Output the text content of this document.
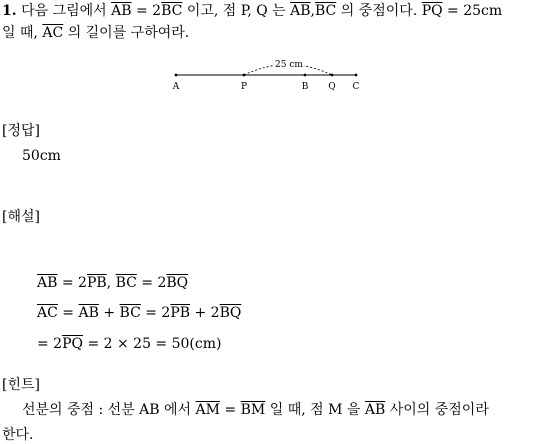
1. 다음 그림에서 $\overline{AB} = 2\overline{BC}$ 이고, 점 P, Q 는 $\overline{AB},\overline{BC}$ 의 중점이다. $\overline{PQ} = 25cm$
일 때, $\overline{AC}$ 의 길이를 구하여라.
25 cm
A	P	B Q C
[정답]
50cm
[해설]
$\overline{AB} = 2\overline{PB}$, $\overline{BC} = 2\overline{BQ}$
$\overline{AC} = \overline{AB} + \overline{BC} = 2\overline{PB} + 2\overline{BQ}$
= $2\overline{PQ} = 2 \times 25 = 50(cm)$
[힌트]
선분의 중점 : 선분 AB 에서 $\overline{AM} = \overline{BM}$ 일 때, 점 M 을 $\overline{AB}$ 사이의 중점이라
한다.
